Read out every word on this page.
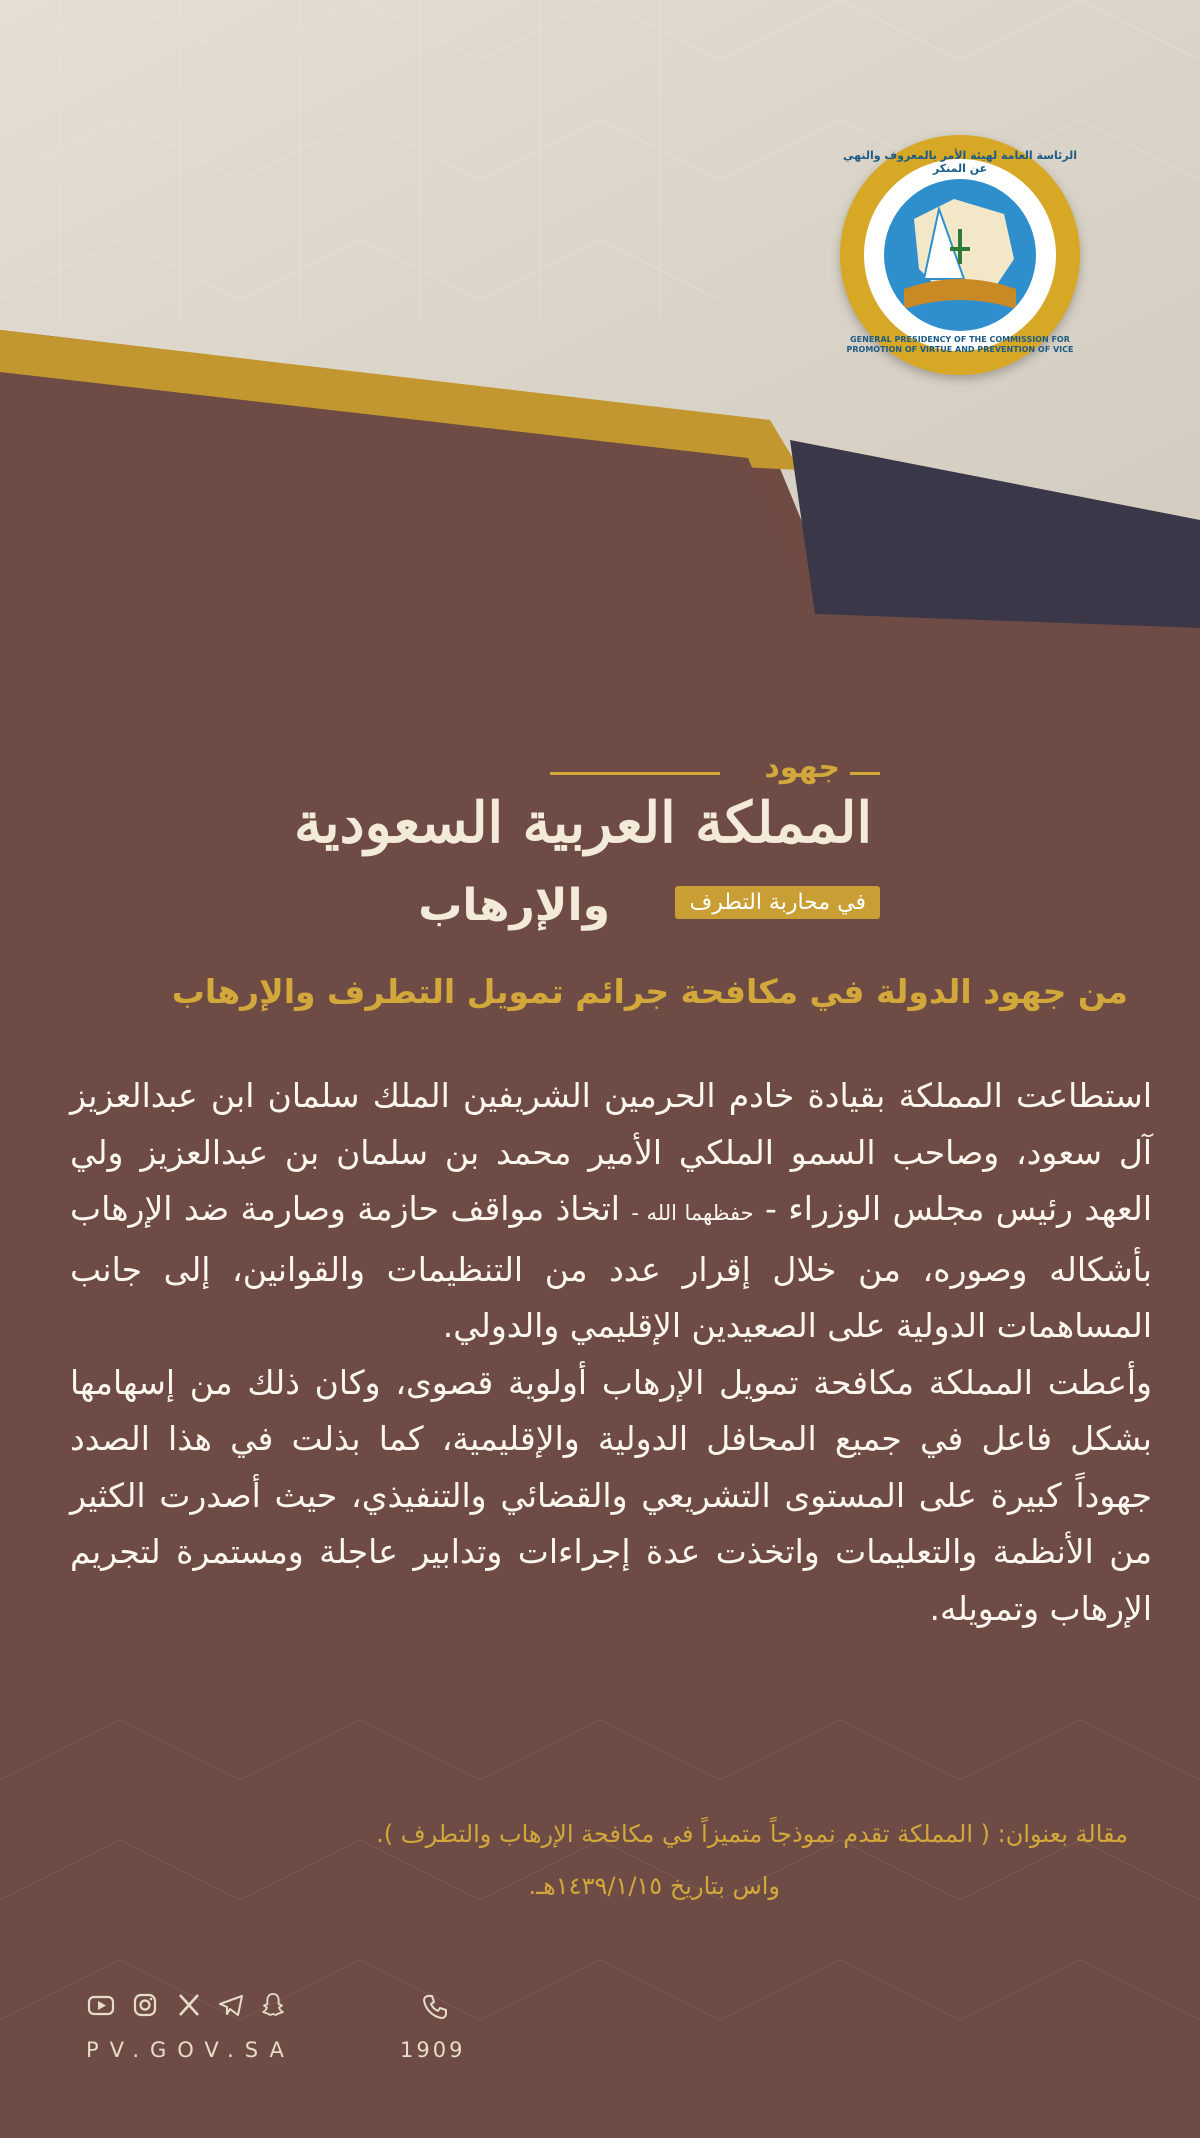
الرئاسة العامة لهيئة الأمر بالمعروف والنهي عن المنكر
GENERAL PRESIDENCY OF THE COMMISSION FOR
PROMOTION OF VIRTUE AND PREVENTION OF VICE
جهود
المملكة العربية السعودية
في محاربة التطرف
والإرهاب
من جهود الدولة في مكافحة جرائم تمويل التطرف والإرهاب

استطاعت المملكة بقيادة خادم الحرمين الشريفين الملك سلمان ابن عبدالعزيز آل سعود، وصاحب السمو الملكي الأمير محمد بن سلمان بن عبدالعزيز ولي العهد رئيس مجلس الوزراء - حفظهما الله - اتخاذ مواقف حازمة وصارمة ضد الإرهاب بأشكاله وصوره، من خلال إقرار عدد من التنظيمات والقوانين، إلى جانب المساهمات الدولية على الصعيدين الإقليمي والدولي.

وأعطت المملكة مكافحة تمويل الإرهاب أولوية قصوى، وكان ذلك من إسهامها بشكل فاعل في جميع المحافل الدولية والإقليمية، كما بذلت في هذا الصدد جهوداً كبيرة على المستوى التشريعي والقضائي والتنفيذي، حيث أصدرت الكثير من الأنظمة والتعليمات واتخذت عدة إجراءات وتدابير عاجلة ومستمرة لتجريم الإرهاب وتمويله.

مقالة بعنوان: ( المملكة تقدم نموذجاً متميزاً في مكافحة الإرهاب والتطرف ).
واس بتاريخ ١٤٣٩/١/١٥هـ.
PV.GOV.SA	1909
